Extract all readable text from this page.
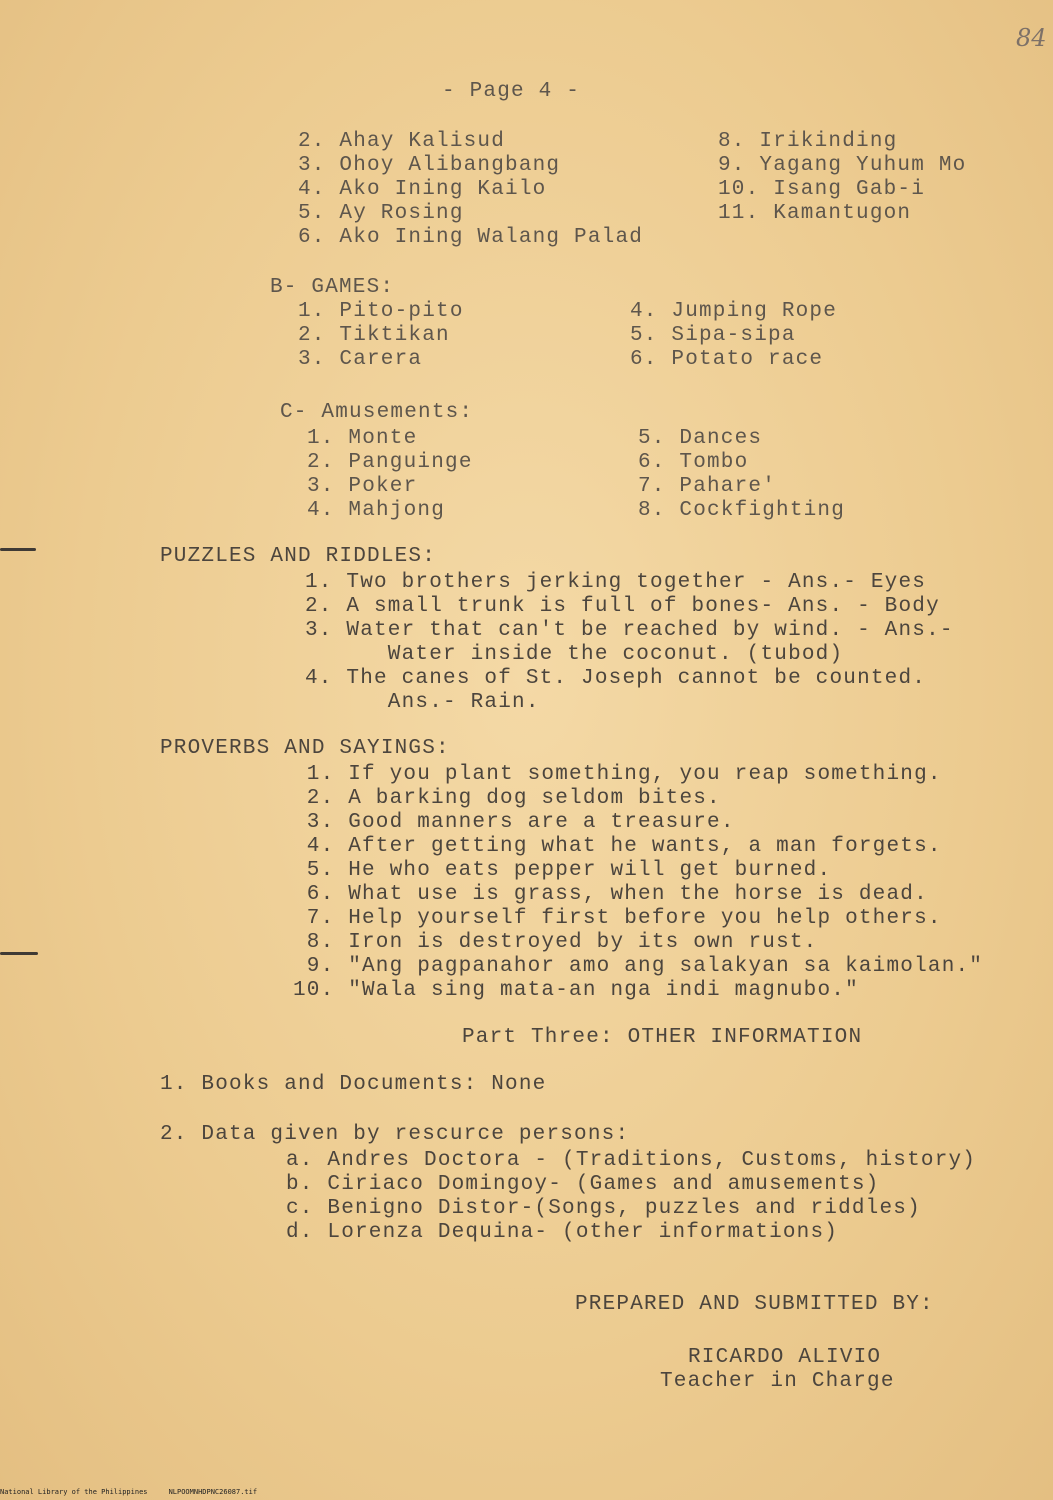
84
- Page 4 -
2. Ahay Kalisud
3. Ohoy Alibangbang
4. Ako Ining Kailo
5. Ay Rosing
6. Ako Ining Walang Palad
8. Irikinding
9. Yagang Yuhum Mo
10. Isang Gab-i
11. Kamantugon
B- GAMES:
1. Pito-pito
2. Tiktikan
3. Carera
4. Jumping Rope
5. Sipa-sipa
6. Potato race
C- Amusements:
1. Monte
2. Panguinge
3. Poker
4. Mahjong
5. Dances
6. Tombo
7. Pahare'
8. Cockfighting
PUZZLES AND RIDDLES:
1. Two brothers jerking together - Ans.- Eyes
2. A small trunk is full of bones- Ans. - Body
3. Water that can't be reached by wind. - Ans.-
Water inside the coconut. (tubod)
4. The canes of St. Joseph cannot be counted.
Ans.- Rain.
PROVERBS AND SAYINGS:
1. If you plant something, you reap something.
2. A barking dog seldom bites.
3. Good manners are a treasure.
4. After getting what he wants, a man forgets.
5. He who eats pepper will get burned.
6. What use is grass, when the horse is dead.
7. Help yourself first before you help others.
8. Iron is destroyed by its own rust.
9. "Ang pagpanahor amo ang salakyan sa kaimolan."
10. "Wala sing mata-an nga indi magnubo."
Part Three: OTHER INFORMATION
1. Books and Documents: None
2. Data given by rescurce persons:
a. Andres Doctora - (Traditions, Customs, history)
b. Ciriaco Domingoy- (Games and amusements)
c. Benigno Distor-(Songs, puzzles and riddles)
d. Lorenza Dequina- (other informations)
PREPARED AND SUBMITTED BY:
RICARDO ALIVIO
Teacher in Charge
National Library of the Philippines     NLPOOMNHDPNC26087.tif
